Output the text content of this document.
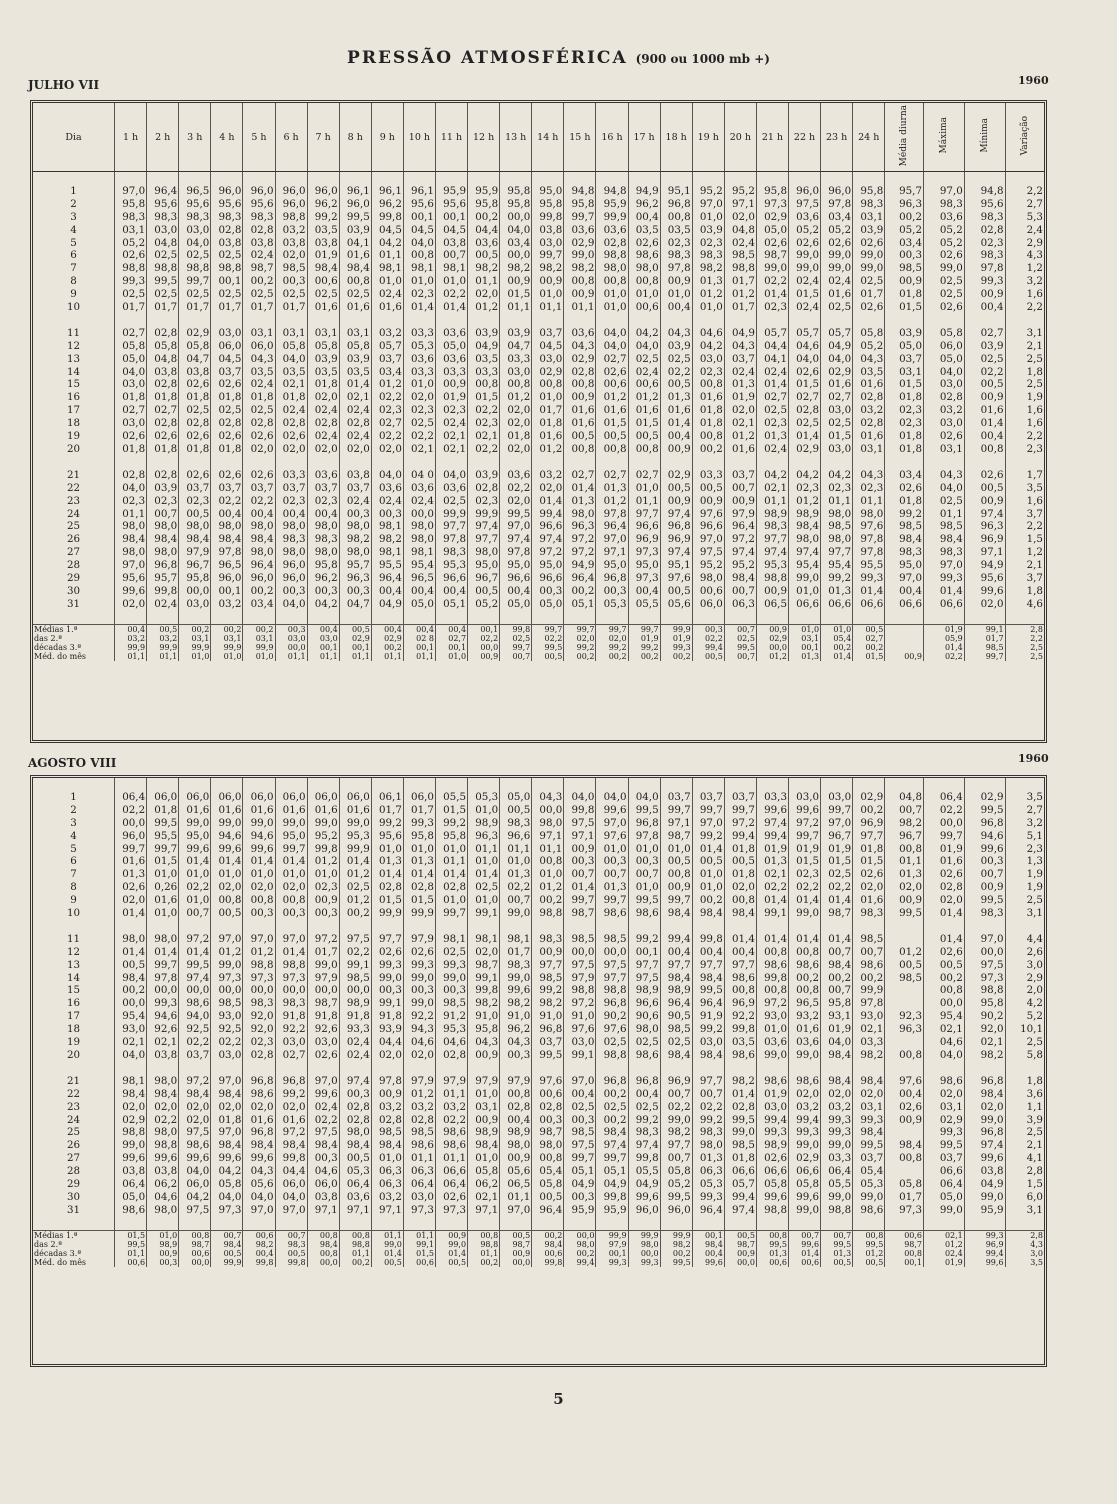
PRESSÃO ATMOSFÉRICA (900 ou 1000 mb +)
JULHO VII	1960
Dia	1 h	2 h	3 h	4 h	5 h	6 h	7 h	8 h	9 h	10 h	11 h	12 h	13 h	14 h	15 h	16 h	17 h	18 h	19 h	20 h	21 h	22 h	23 h	24 h	Média diurna	Máxima	Mínima	Variação

1	97,0	96,4	96,5	96,0	96,0	96,0	96,0	96,1	96,1	96,1	95,9	95,9	95,8	95,0	94,8	94,8	94,9	95,1	95,2	95,2	95,8	96,0	96,0	95,8	95,7	97,0	94,8	2,2
2	95,8	95,6	95,6	95,6	95,6	96,0	96,2	96,0	96,2	95,6	95,6	95,8	95,8	95,8	95,8	95,9	96,2	96,8	97,0	97,1	97,3	97,5	97,8	98,3	96,3	98,3	95,6	2,7
3	98,3	98,3	98,3	98,3	98,3	98,8	99,2	99,5	99,8	00,1	00,1	00,2	00,0	99,8	99,7	99,9	00,4	00,8	01,0	02,0	02,9	03,6	03,4	03,1	00,2	03,6	98,3	5,3
4	03,1	03,0	03,0	02,8	02,8	03,2	03,5	03,9	04,5	04,5	04,5	04,4	04,0	03,8	03,6	03,6	03,5	03,5	03,9	04,8	05,0	05,2	05,2	03,9	05,2	05,2	02,8	2,4
5	05,2	04,8	04,0	03,8	03,8	03,8	03,8	04,1	04,2	04,0	03,8	03,6	03,4	03,0	02,9	02,8	02,6	02,3	02,3	02,4	02,6	02,6	02,6	02,6	03,4	05,2	02,3	2,9
6	02,6	02,5	02,5	02,5	02,4	02,0	01,9	01,6	01,1	00,8	00,7	00,5	00,0	99,7	99,0	98,8	98,6	98,3	98,3	98,5	98,7	99,0	99,0	99,0	00,3	02,6	98,3	4,3
7	98,8	98,8	98,8	98,8	98,7	98,5	98,4	98,4	98,1	98,1	98,1	98,2	98,2	98,2	98,2	98,0	98,0	97,8	98,2	98,8	99,0	99,0	99,0	99,0	98,5	99,0	97,8	1,2
8	99,3	99,5	99,7	00,1	00,2	00,3	00,6	00,8	01,0	01,0	01,0	01,1	00,9	00,9	00,8	00,8	00,8	00,9	01,3	01,7	02,2	02,4	02,4	02,5	00,9	02,5	99,3	3,2
9	02,5	02,5	02,5	02,5	02,5	02,5	02,5	02,5	02,4	02,3	02,2	02,0	01,5	01,0	00,9	01,0	01,0	01,0	01,2	01,2	01,4	01,5	01,6	01,7	01,8	02,5	00,9	1,6
10	01,7	01,7	01,7	01,7	01,7	01,7	01,6	01,6	01,6	01,4	01,4	01,2	01,1	01,1	01,1	01,0	00,6	00,4	01,0	01,7	02,3	02,4	02,5	02,6	01,5	02,6	00,4	2,2

11	02,7	02,8	02,9	03,0	03,1	03,1	03,1	03,1	03,2	03,3	03,6	03,9	03,9	03,7	03,6	04,0	04,2	04,3	04,6	04,9	05,7	05,7	05,7	05,8	03,9	05,8	02,7	3,1
12	05,8	05,8	05,8	06,0	06,0	05,8	05,8	05,8	05,7	05,3	05,0	04,9	04,7	04,5	04,3	04,0	04,0	03,9	04,2	04,3	04,4	04,6	04,9	05,2	05,0	06,0	03,9	2,1
13	05,0	04,8	04,7	04,5	04,3	04,0	03,9	03,9	03,7	03,6	03,6	03,5	03,3	03,0	02,9	02,7	02,5	02,5	03,0	03,7	04,1	04,0	04,0	04,3	03,7	05,0	02,5	2,5
14	04,0	03,8	03,8	03,7	03,5	03,5	03,5	03,5	03,4	03,3	03,3	03,3	03,0	02,9	02,8	02,6	02,4	02,2	02,3	02,4	02,4	02,6	02,9	03,5	03,1	04,0	02,2	1,8
15	03,0	02,8	02,6	02,6	02,4	02,1	01,8	01,4	01,2	01,0	00,9	00,8	00,8	00,8	00,8	00,6	00,6	00,5	00,8	01,3	01,4	01,5	01,6	01,6	01,5	03,0	00,5	2,5
16	01,8	01,8	01,8	01,8	01,8	01,8	02,0	02,1	02,2	02,0	01,9	01,5	01,2	01,0	00,9	01,2	01,2	01,3	01,6	01,9	02,7	02,7	02,7	02,8	01,8	02,8	00,9	1,9
17	02,7	02,7	02,5	02,5	02,5	02,4	02,4	02,4	02,3	02,3	02,3	02,2	02,0	01,7	01,6	01,6	01,6	01,6	01,8	02,0	02,5	02,8	03,0	03,2	02,3	03,2	01,6	1,6
18	03,0	02,8	02,8	02,8	02,8	02,8	02,8	02,8	02,7	02,5	02,4	02,3	02,0	01,8	01,6	01,5	01,5	01,4	01,8	02,1	02,3	02,5	02,5	02,8	02,3	03,0	01,4	1,6
19	02,6	02,6	02,6	02,6	02,6	02,6	02,4	02,4	02,2	02,2	02,1	02,1	01,8	01,6	00,5	00,5	00,5	00,4	00,8	01,2	01,3	01,4	01,5	01,6	01,8	02,6	00,4	2,2
20	01,8	01,8	01,8	01,8	02,0	02,0	02,0	02,0	02,0	02,1	02,1	02,2	02,0	01,2	00,8	00,8	00,8	00,9	00,2	01,6	02,4	02,9	03,0	03,1	01,8	03,1	00,8	2,3

21	02,8	02,8	02,6	02,6	02,6	03,3	03,6	03,8	04,0	04 0	04,0	03,9	03,6	03,2	02,7	02,7	02,7	02,9	03,3	03,7	04,2	04,2	04,2	04,3	03,4	04,3	02,6	1,7
22	04,0	03,9	03,7	03,7	03,7	03,7	03,7	03,7	03,6	03,6	03,6	02,8	02,2	02,0	01,4	01,3	01,0	00,5	00,5	00,7	02,1	02,3	02,3	02,3	02,6	04,0	00,5	3,5
23	02,3	02,3	02,3	02,2	02,2	02,3	02,3	02,4	02,4	02,4	02,5	02,3	02,0	01,4	01,3	01,2	01,1	00,9	00,9	00,9	01,1	01,2	01,1	01,1	01,8	02,5	00,9	1,6
24	01,1	00,7	00,5	00,4	00,4	00,4	00,4	00,3	00,3	00,0	99,9	99,9	99,5	99,4	98,0	97,8	97,7	97,4	97,6	97,9	98,9	98,9	98,0	98,0	99,2	01,1	97,4	3,7
25	98,0	98,0	98,0	98,0	98,0	98,0	98,0	98,0	98,1	98,0	97,7	97,4	97,0	96,6	96,3	96,4	96,6	96,8	96,6	96,4	98,3	98,4	98,5	97,6	98,5	98,5	96,3	2,2
26	98,4	98,4	98,4	98,4	98,4	98,3	98,3	98,2	98,2	98,0	97,8	97,7	97,4	97,4	97,2	97,0	96,9	96,9	97,0	97,2	97,7	98,0	98,0	97,8	98,4	98,4	96,9	1,5
27	98,0	98,0	97,9	97,8	98,0	98,0	98,0	98,0	98,1	98,1	98,3	98,0	97,8	97,2	97,2	97,1	97,3	97,4	97,5	97,4	97,4	97,4	97,7	97,8	98,3	98,3	97,1	1,2
28	97,0	96,8	96,7	96,5	96,4	96,0	95,8	95,7	95,5	95,4	95,3	95,0	95,0	95,0	94,9	95,0	95,0	95,1	95,2	95,2	95,3	95,4	95,4	95,5	95,0	97,0	94,9	2,1
29	95,6	95,7	95,8	96,0	96,0	96,0	96,2	96,3	96,4	96,5	96,6	96,7	96,6	96,6	96,4	96,8	97,3	97,6	98,0	98,4	98,8	99,0	99,2	99,3	97,0	99,3	95,6	3,7
30	99,6	99,8	00,0	00,1	00,2	00,3	00,3	00,3	00,4	00,4	00,4	00,5	00,4	00,3	00,2	00,3	00,4	00,5	00,6	00,7	00,9	01,0	01,3	01,4	00,4	01,4	99,6	1,8
31	02,0	02,4	03,0	03,2	03,4	04,0	04,2	04,7	04,9	05,0	05,1	05,2	05,0	05,0	05,1	05,3	05,5	05,6	06,0	06,3	06,5	06,6	06,6	06,6	06,6	06,6	02,0	4,6

Médias 1.ª	00,4	00,5	00,2	00,2	00,2	00,3	00,4	00,5	00,4	00,4	00,4	00,1	99,8	99,7	99,7	99,7	99,7	99,9	00,3	00,7	00,9	01,0	01,0	00,5		01,9	99,1	2,8
das 2.ª	03,2	03,2	03,1	03,1	03,1	03,0	03,0	02,9	02,9	02 8	02,7	02,2	02,5	02,2	02,0	02,0	01,9	01,9	02,2	02,5	02,9	03,1	05,4	02,7		05,9	01,7	2,2
décadas 3.ª	99,9	99,9	99,9	99,9	99,9	00,0	00,1	00,1	00,2	00,1	00,1	00,0	99,7	99,5	99,2	99,2	99,2	99,3	99,4	99,5	00,0	00,1	00,2	00,2		01,4	98,5	2,5
Méd. do mês	01,1	01,1	01,0	01,0	01,0	01,1	01,1	01,1	01,1	01,1	01,0	00,9	00,7	00,5	00,2	00,2	00,2	00,2	00,5	00,7	01,2	01,3	01,4	01,5	00,9	02,2	99,7	2,5
AGOSTO VIII	1960

1	06,4	06,0	06,0	06,0	06,0	06,0	06,0	06,0	06,1	06,0	05,5	05,3	05,0	04,3	04,0	04,0	04,0	03,7	03,7	03,7	03,3	03,0	03,0	02,9	04,8	06,4	02,9	3,5
2	02,2	01,8	01,6	01,6	01,6	01,6	01,6	01,6	01,7	01,7	01,5	01,0	00,5	00,0	99,8	99,6	99,5	99,7	99,7	99,7	99,6	99,6	99,7	00,2	00,7	02,2	99,5	2,7
3	00,0	99,5	99,0	99,0	99,0	99,0	99,0	99,0	99,2	99,3	99,2	98,9	98,3	98,0	97,5	97,0	96,8	97,1	97,0	97,2	97,4	97,2	97,0	96,9	98,2	00,0	96,8	3,2
4	96,0	95,5	95,0	94,6	94,6	95,0	95,2	95,3	95,6	95,8	95,8	96,3	96,6	97,1	97,1	97,6	97,8	98,7	99,2	99,4	99,4	99,7	96,7	97,7	96,7	99,7	94,6	5,1
5	99,7	99,7	99,6	99,6	99,6	99,7	99,8	99,9	01,0	01,0	01,0	01,1	01,1	01,1	00,9	01,0	01,0	01,0	01,4	01,8	01,9	01,9	01,9	01,8	00,8	01,9	99,6	2,3
6	01,6	01,5	01,4	01,4	01,4	01,4	01,2	01,4	01,3	01,3	01,1	01,0	01,0	00,8	00,3	00,3	00,3	00,5	00,5	00,5	01,3	01,5	01,5	01,5	01,1	01,6	00,3	1,3
7	01,3	01,0	01,0	01,0	01,0	01,0	01,0	01,2	01,4	01,4	01,4	01,4	01,3	01,0	00,7	00,7	00,7	00,8	01,0	01,8	02,1	02,3	02,5	02,6	01,3	02,6	00,7	1,9
8	02,6	0,26	02,2	02,0	02,0	02,0	02,3	02,5	02,8	02,8	02,8	02,5	02,2	01,2	01,4	01,3	01,0	00,9	01,0	02,0	02,2	02,2	02,2	02,0	02,0	02,8	00,9	1,9
9	02,0	01,6	01,0	00,8	00,8	00,8	00,9	01,2	01,5	01,5	01,0	01,0	00,7	00,2	99,7	99,7	99,5	99,7	00,2	00,8	01,4	01,4	01,4	01,6	00,9	02,0	99,5	2,5
10	01,4	01,0	00,7	00,5	00,3	00,3	00,3	00,2	99,9	99,9	99,7	99,1	99,0	98,8	98,7	98,6	98,6	98,4	98,4	98,4	99,1	99,0	98,7	98,3	99,5	01,4	98,3	3,1

11	98,0	98,0	97,2	97,0	97,0	97,0	97,2	97,5	97,7	97,9	98,1	98,1	98,1	98,3	98,5	98,5	99,2	99,4	99,8	01,4	01,4	01,4	01,4	98,5		01,4	97,0	4,4
12	01,4	01,4	01,4	01,2	01,2	01,4	01,7	02,2	02,6	02,6	02,5	02,0	01,7	00,9	00,0	00,0	00,1	00,4	00,4	00,4	00,8	00,8	00,7	00,7	01,2	02,6	00,0	2,6
13	00,5	99,7	99,5	99,0	98,8	98,8	99,0	99,1	99,3	99,3	99,3	98,7	98,3	97,7	97,5	97,5	97,7	97,7	97,7	97,7	98,6	98,6	98,4	98,6	00,5	00,5	97,5	3,0
14	98,4	97,8	97,4	97,3	97,3	97,3	97,9	98,5	99,0	99,0	99,0	99,1	99,0	98,5	97,9	97,7	97,5	98,4	98,4	98,6	99,8	00,2	00,2	00,2	98,5	00,2	97,3	2,9
15	00,2	00,0	00,0	00,0	00,0	00,0	00,0	00,0	00,3	00,3	00,3	99,8	99,6	99,2	98,8	98,8	98,9	98,9	99,5	00,8	00,8	00,8	00,7	99,9		00,8	98,8	2,0
16	00,0	99,3	98,6	98,5	98,3	98,3	98,7	98,9	99,1	99,0	98,5	98,2	98,2	98,2	97,2	96,8	96,6	96,4	96,4	96,9	97,2	96,5	95,8	97,8		00,0	95,8	4,2
17	95,4	94,6	94,0	93,0	92,0	91,8	91,8	91,8	91,8	92,2	91,2	91,0	91,0	91,0	91,0	90,2	90,6	90,5	91,9	92,2	93,0	93,2	93,1	93,0	92,3	95,4	90,2	5,2
18	93,0	92,6	92,5	92,5	92,0	92,2	92,6	93,3	93,9	94,3	95,3	95,8	96,2	96,8	97,6	97,6	98,0	98,5	99,2	99,8	01,0	01,6	01,9	02,1	96,3	02,1	92,0	10,1
19	02,1	02,1	02,2	02,2	02,3	03,0	03,0	02,4	04,4	04,6	04,6	04,3	04,3	03,7	03,0	02,5	02,5	02,5	03,0	03,5	03,6	03,6	04,0	03,3		04,6	02,1	2,5
20	04,0	03,8	03,7	03,0	02,8	02,7	02,6	02,4	02,0	02,0	02,8	00,9	00,3	99,5	99,1	98,8	98,6	98,4	98,4	98,6	99,0	99,0	98,4	98,2	00,8	04,0	98,2	5,8

21	98,1	98,0	97,2	97,0	96,8	96,8	97,0	97,4	97,8	97,9	97,9	97,9	97,9	97,6	97,0	96,8	96,8	96,9	97,7	98,2	98,6	98,6	98,4	98,4	97,6	98,6	96,8	1,8
22	98,4	98,4	98,4	98,4	98,6	99,2	99,6	00,3	00,9	01,2	01,1	01,0	00,8	00,6	00,4	00,2	00,4	00,7	00,7	01,4	01,9	02,0	02,0	02,0	00,4	02,0	98,4	3,6
23	02,0	02,0	02,0	02,0	02,0	02,0	02,4	02,8	03,2	03,2	03,2	03,1	02,8	02,8	02,5	02,5	02,5	02,2	02,2	02,8	03,0	03,2	03,2	03,1	02,6	03,1	02,0	1,1
24	02,9	02,2	02,0	01,8	01,6	01,6	02,2	02,8	02,8	02,8	02,2	00,9	00,4	00,3	00,3	00,2	99,2	99,0	99,2	99,5	99,4	99,4	99,3	99,3	00,9	02,9	99,0	3,9
25	98,8	98,0	97,5	97,0	96,8	97,2	97,5	98,0	98,5	98,5	98,6	98,9	98,9	98,7	98,5	98,4	98,3	98,2	98,3	99,0	99,3	99,3	99,3	98,4		99,3	96,8	2,5
26	99,0	98,8	98,6	98,4	98,4	98,4	98,4	98,4	98,4	98,6	98,6	98,4	98,0	98,0	97,5	97,4	97,4	97,7	98,0	98,5	98,9	99,0	99,0	99,5	98,4	99,5	97,4	2,1
27	99,6	99,6	99,6	99,6	99,6	99,8	00,3	00,5	01,0	01,1	01,1	01,0	00,9	00,8	99,7	99,7	99,8	00,7	01,3	01,8	02,6	02,9	03,3	03,7	00,8	03,7	99,6	4,1
28	03,8	03,8	04,0	04,2	04,3	04,4	04,6	05,3	06,3	06,3	06,6	05,8	05,6	05,4	05,1	05,1	05,5	05,8	06,3	06,6	06,6	06,6	06,4	05,4		06,6	03,8	2,8
29	06,4	06,2	06,0	05,8	05,6	06,0	06,0	06,4	06,3	06,4	06,4	06,2	06,5	05,8	04,9	04,9	04,9	05,2	05,3	05,7	05,8	05,8	05,5	05,3	05,8	06,4	04,9	1,5
30	05,0	04,6	04,2	04,0	04,0	04,0	03,8	03,6	03,2	03,0	02,6	02,1	01,1	00,5	00,3	99,8	99,6	99,5	99,3	99,4	99,6	99,6	99,0	99,0	01,7	05,0	99,0	6,0
31	98,6	98,0	97,5	97,3	97,0	97,0	97,1	97,1	97,1	97,3	97,3	97,1	97,0	96,4	95,9	95,9	96,0	96,0	96,4	97,4	98,8	99,0	98,8	98,6	97,3	99,0	95,9	3,1

Médias 1.ª	01,5	01,0	00,8	00,7	00,6	00,7	00,8	00,8	01,1	01,1	00,9	00,8	00,5	00,2	00,0	99,9	99,9	99,9	00,1	00,5	00,8	00,7	00,7	00,8	00,6	02,1	99,3	2,8
das 2.ª	99,5	98,9	98,7	98,4	98,2	98,3	98,4	98,8	99,0	99,1	99,0	98,8	98,7	98,4	98,0	97,9	98,0	98,2	98,4	98,7	99,5	99,6	99,5	99,5	98,7	01,2	96,9	4,3
décadas 3.ª	01,1	00,9	00,6	00,5	00,4	00,5	00,8	01,1	01,4	01,5	01,4	01,1	00,9	00,6	00,2	00,1	00,0	00,2	00,4	00,9	01,3	01,4	01,3	01,2	00,8	02,4	99,4	3,0
Méd. do mês	00,6	00,3	00,0	99,9	99,8	99,8	00,0	00,2	00,5	00,6	00,5	00,2	00,0	99,8	99,4	99,3	99,3	99,5	99,6	00,0	00,6	00,6	00,5	00,5	00,1	01,9	99,6	3,5
5
